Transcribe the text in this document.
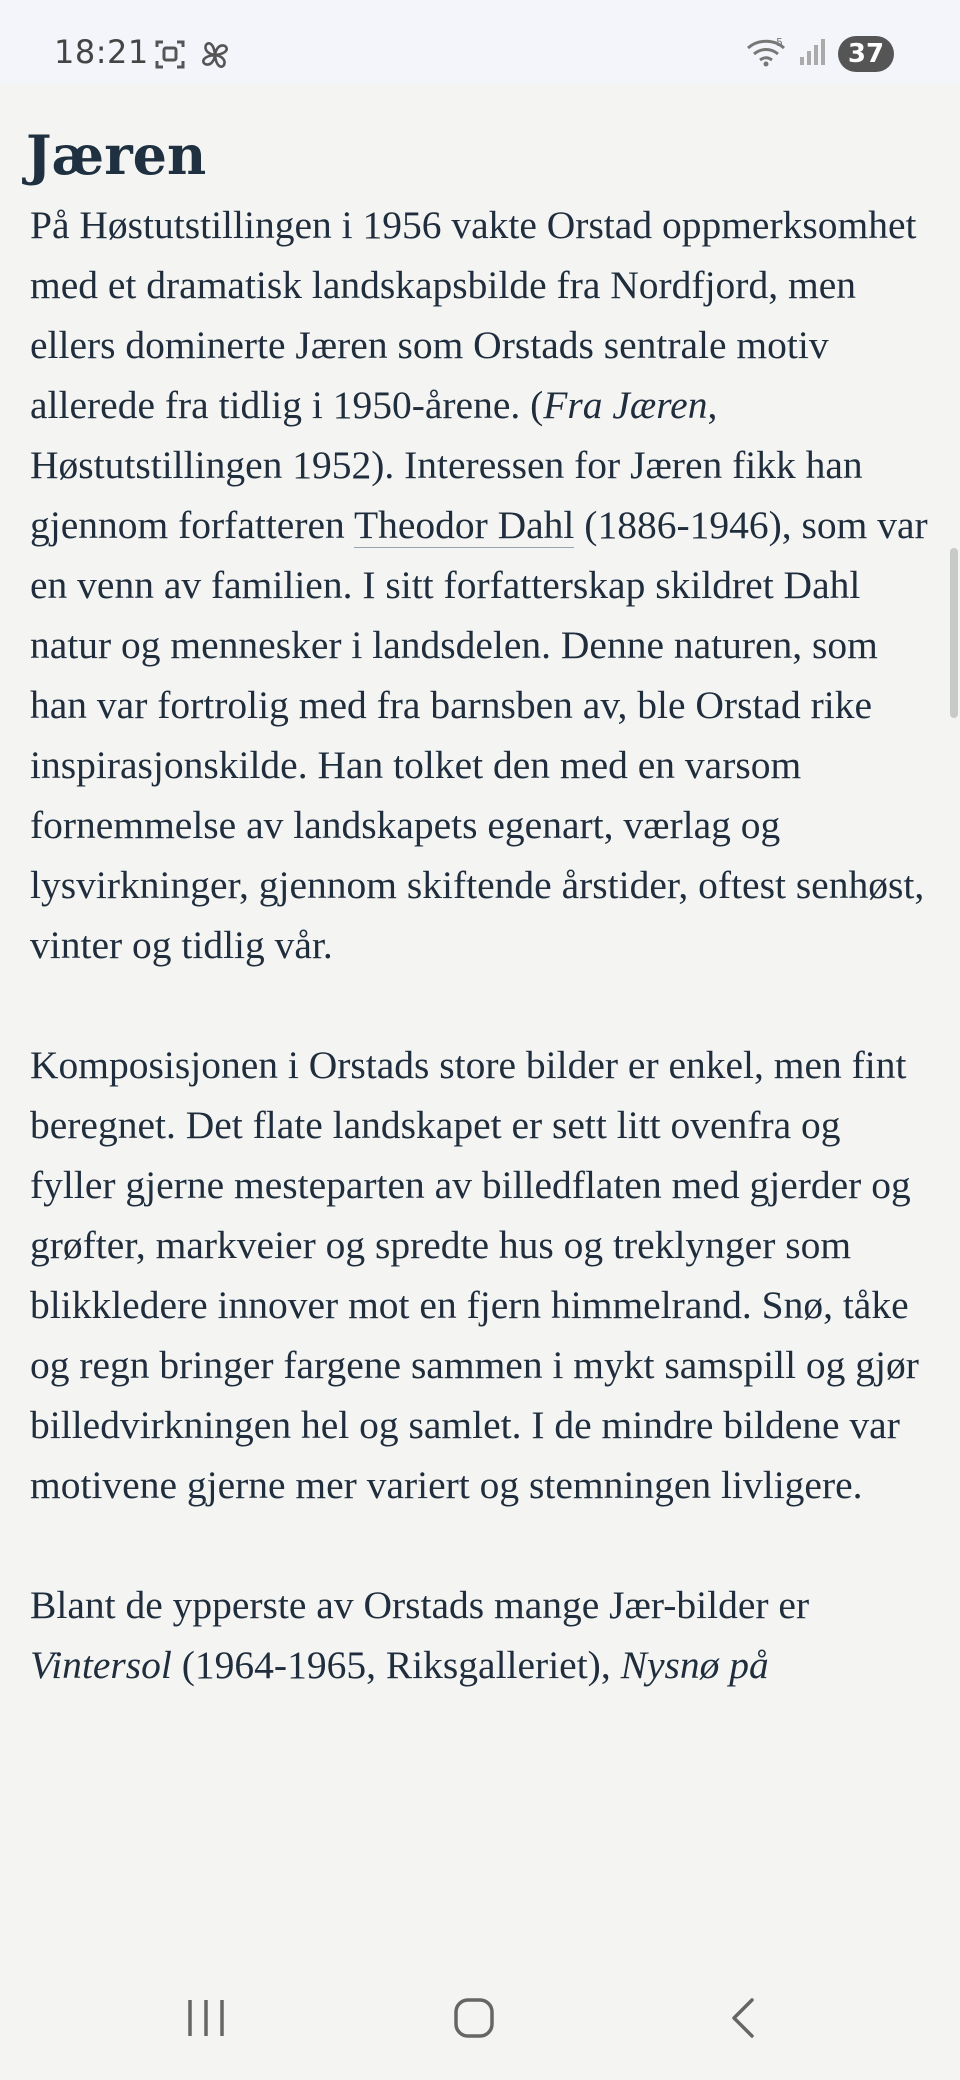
18:21	5	37
Jæren

På Høstutstillingen i 1956 vakte Orstad oppmerksomhet med et dramatisk landskapsbilde fra Nordfjord, men ellers dominerte Jæren som Orstads sentrale motiv allerede fra tidlig i 1950-årene. (Fra Jæren, Høstutstillingen 1952). Interessen for Jæren fikk han gjennom forfatteren Theodor Dahl (1886-1946), som var en venn av familien. I sitt forfatterskap skildret Dahl natur og mennesker i landsdelen. Denne naturen, som han var fortrolig med fra barnsben av, ble Orstad rike inspirasjonskilde. Han tolket den med en varsom fornemmelse av landskapets egenart, værlag og lysvirkninger, gjennom skiftende årstider, oftest senhøst, vinter og tidlig vår.

Komposisjonen i Orstads store bilder er enkel, men fint beregnet. Det flate landskapet er sett litt ovenfra og fyller gjerne mesteparten av billedflaten med gjerder og grøfter, markveier og spredte hus og treklynger som blikkledere innover mot en fjern himmelrand. Snø, tåke og regn bringer fargene sammen i mykt samspill og gjør billedvirkningen hel og samlet. I de mindre bildene var motivene gjerne mer variert og stemningen livligere.

Blant de ypperste av Orstads mange Jær-bilder er Vintersol (1964-1965, Riksgalleriet), Nysnø på
